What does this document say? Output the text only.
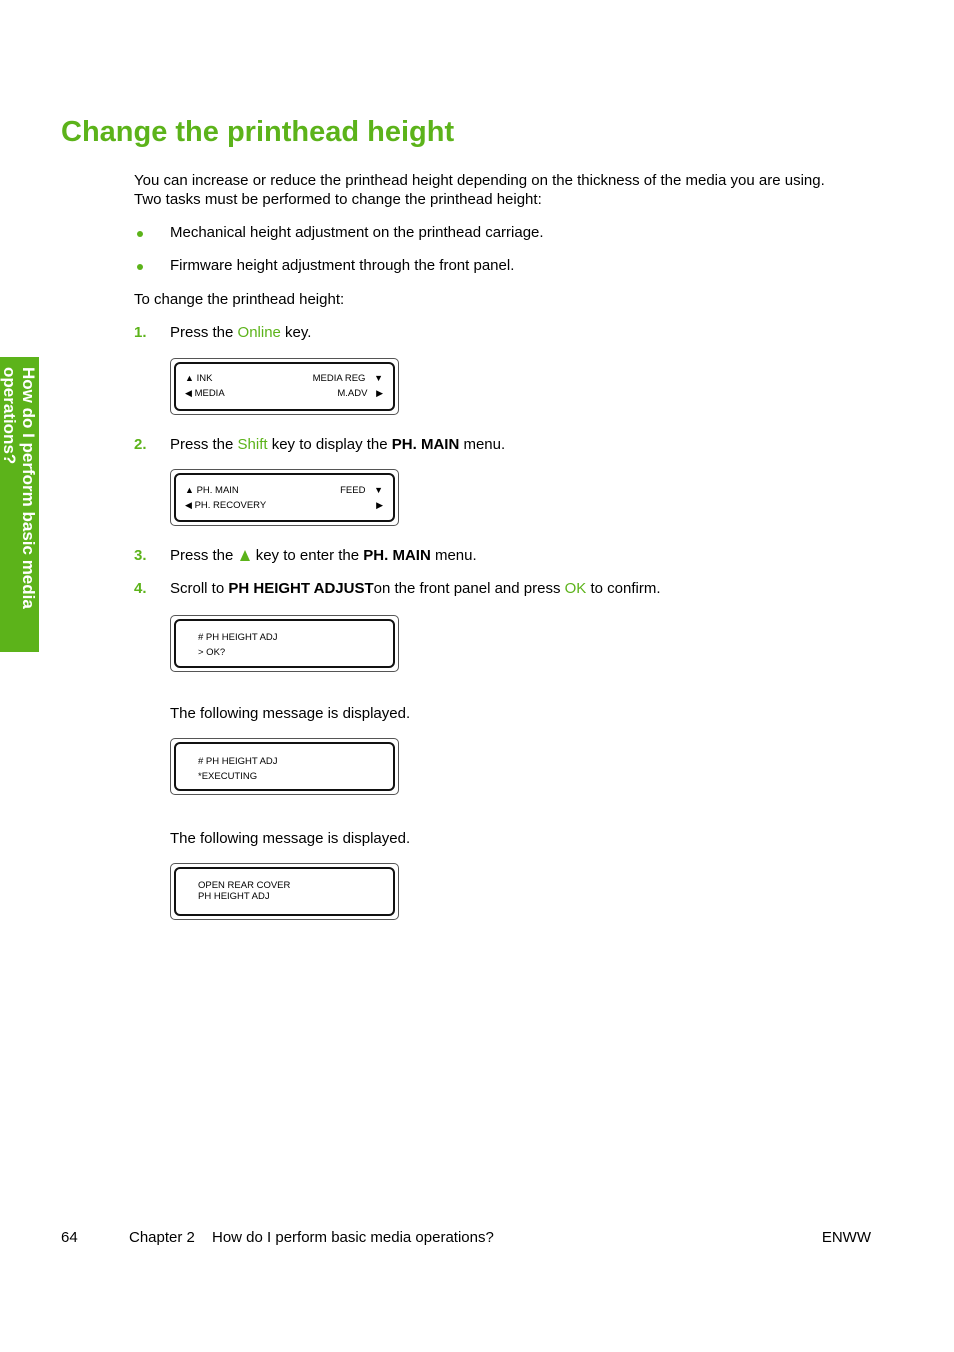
How do I perform basic media operations?
Change the printhead height
You can increase or reduce the printhead height depending on the thickness of the media you are using.
Two tasks must be performed to change the printhead height:
Mechanical height adjustment on the printhead carriage.
Firmware height adjustment through the front panel.
To change the printhead height:
1. Press the Online key.
▲ INK
◀ MEDIA
MEDIA REG ▼
M.ADV ▶
2. Press the Shift key to display the PH. MAIN menu.
▲ PH. MAIN
◀ PH. RECOVERY
FEED ▼
▶
3. Press the key to enter the PH. MAIN menu.
4. Scroll to PH HEIGHT ADJUSTon the front panel and press OK to confirm.
# PH HEIGHT ADJ
> OK?
The following message is displayed.
# PH HEIGHT ADJ
*EXECUTING
The following message is displayed.
OPEN REAR COVER
PH HEIGHT ADJ
64	Chapter 2 How do I perform basic media operations?	ENWW
